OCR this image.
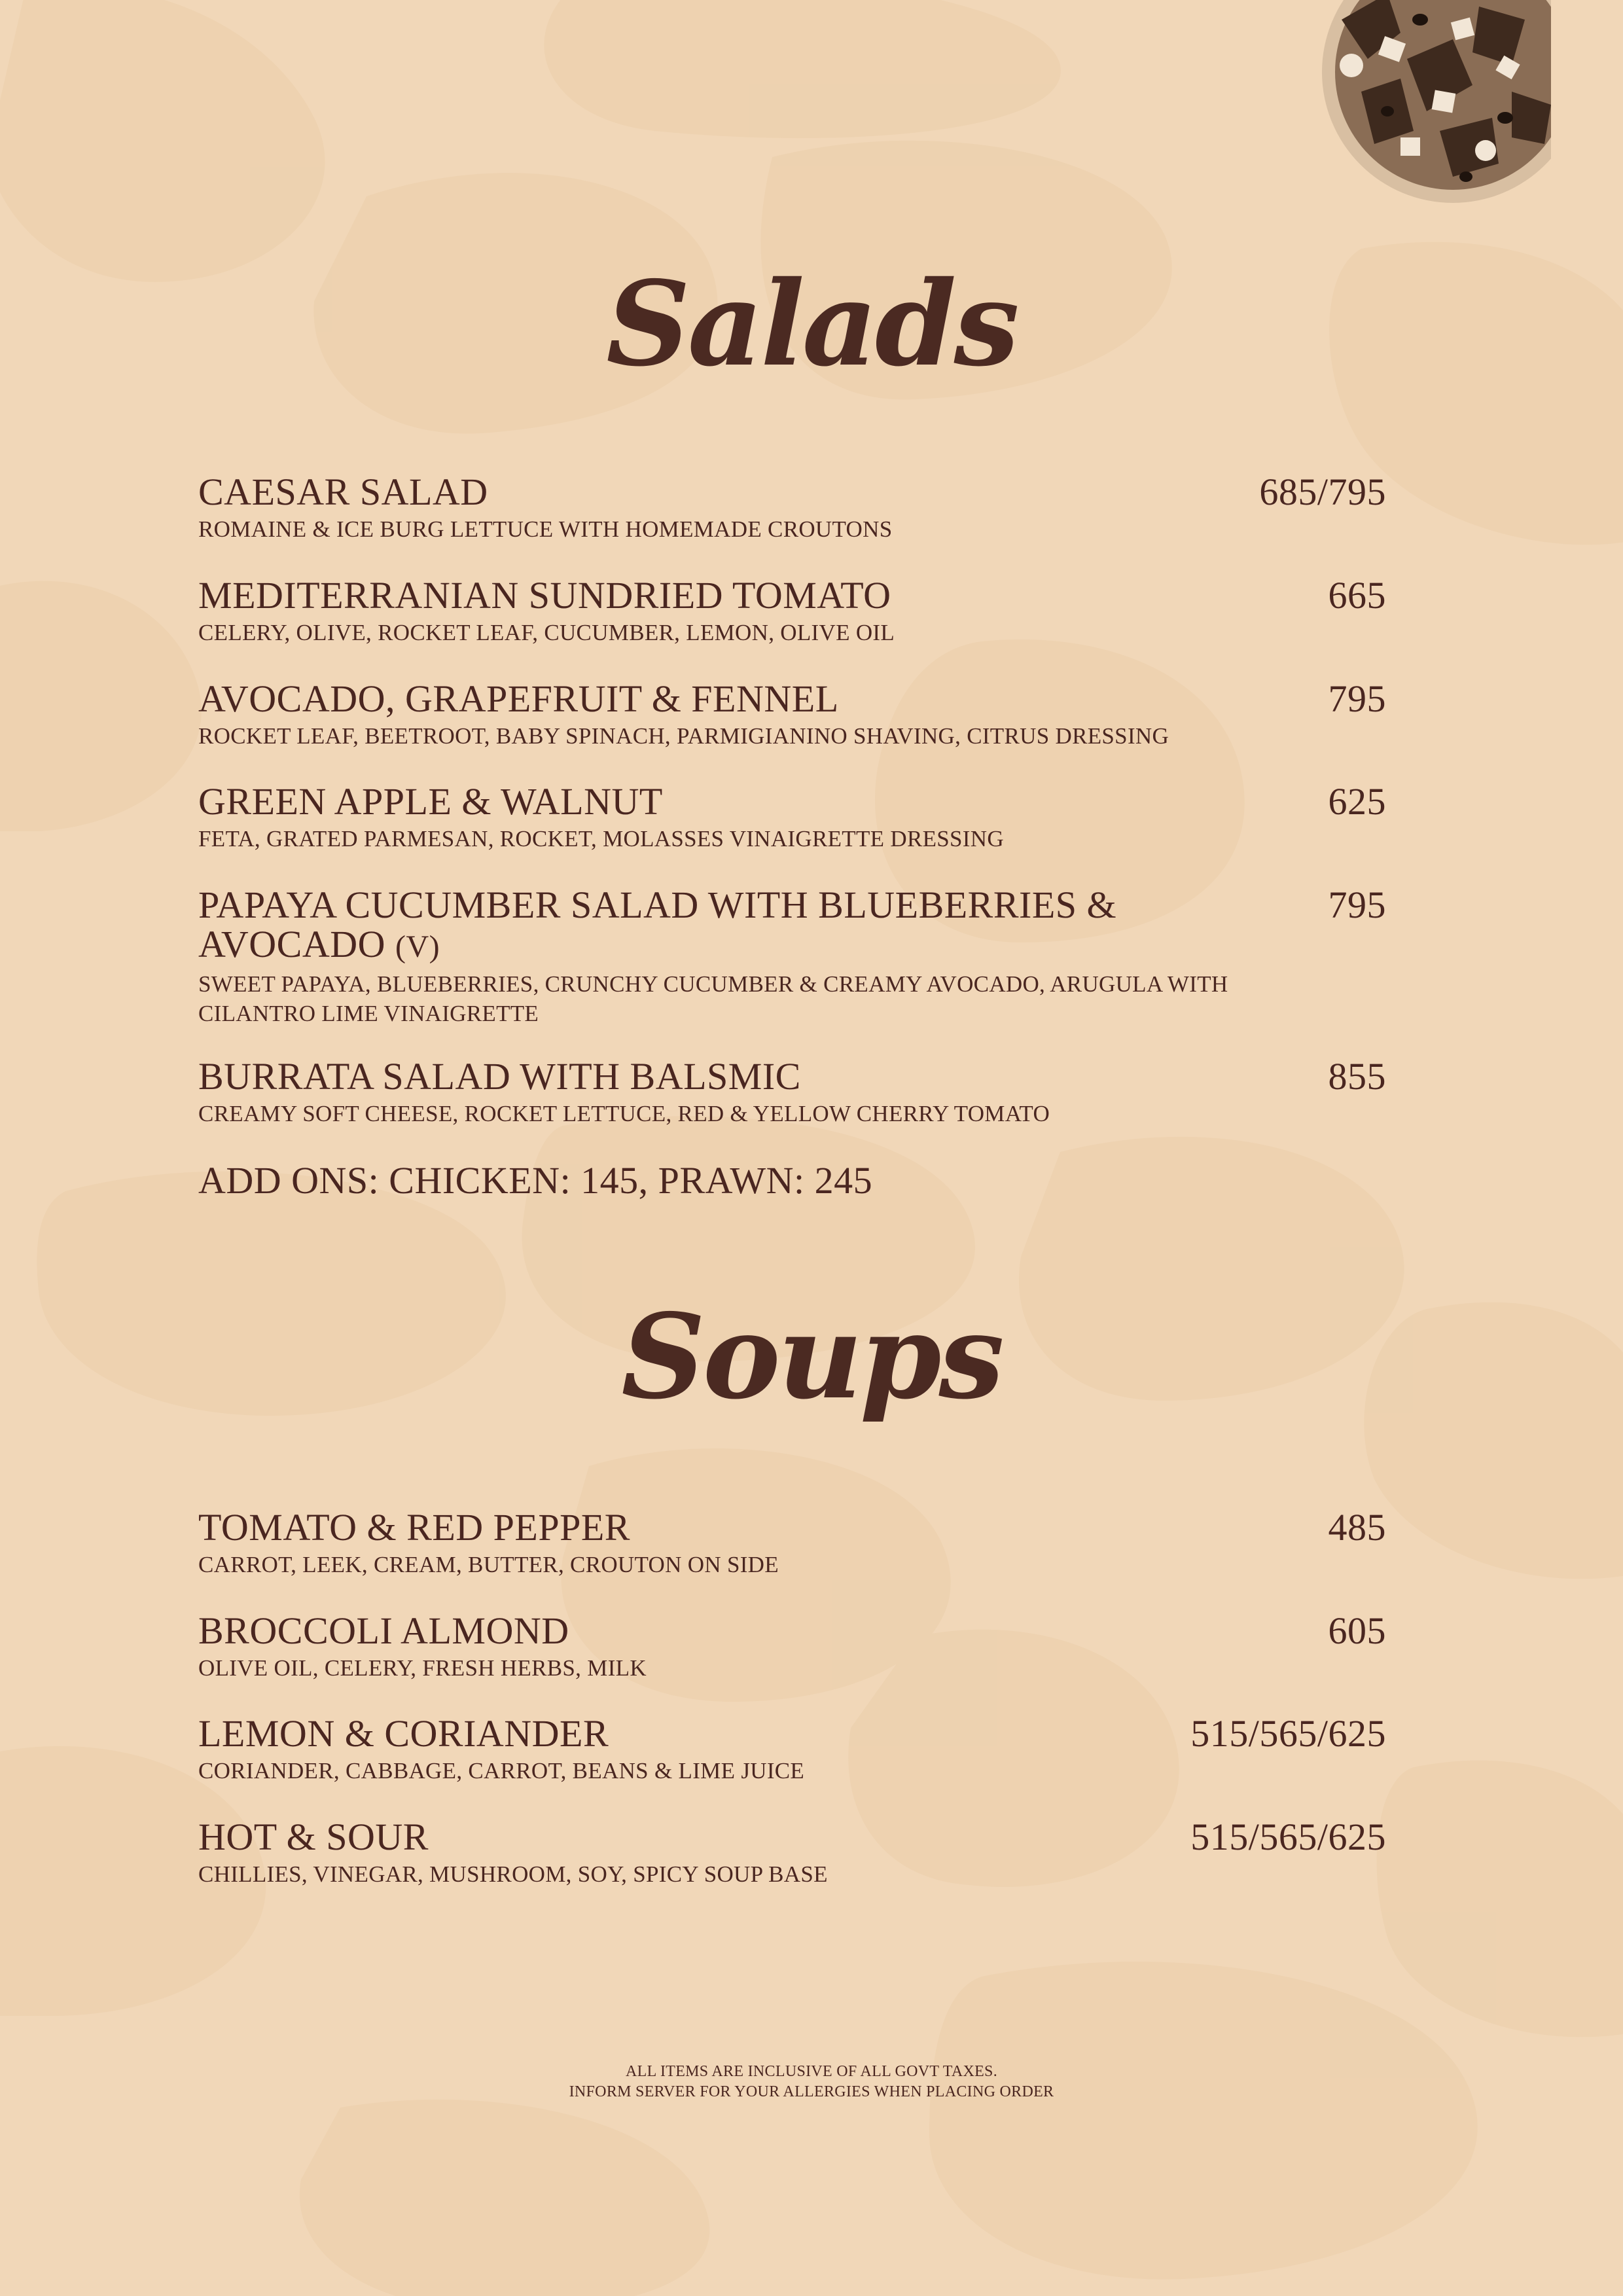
Salads
CAESAR SALAD
ROMAINE & ICE BURG LETTUCE WITH HOMEMADE CROUTONS
685/795
MEDITERRANIAN SUNDRIED TOMATO
CELERY, OLIVE, ROCKET LEAF, CUCUMBER, LEMON, OLIVE OIL
665
AVOCADO, GRAPEFRUIT & FENNEL
ROCKET LEAF, BEETROOT, BABY SPINACH, PARMIGIANINO SHAVING, CITRUS DRESSING
795
GREEN APPLE & WALNUT
FETA, GRATED PARMESAN, ROCKET, MOLASSES VINAIGRETTE DRESSING
625
PAPAYA CUCUMBER SALAD WITH BLUEBERRIES &
AVOCADO (V)
SWEET PAPAYA, BLUEBERRIES, CRUNCHY CUCUMBER & CREAMY AVOCADO, ARUGULA WITH
CILANTRO LIME VINAIGRETTE
795
BURRATA SALAD WITH BALSMIC
CREAMY SOFT CHEESE, ROCKET LETTUCE, RED & YELLOW CHERRY TOMATO
855
ADD ONS: CHICKEN: 145, PRAWN: 245
Soups
TOMATO & RED PEPPER
CARROT, LEEK, CREAM, BUTTER, CROUTON ON SIDE
485
BROCCOLI ALMOND
OLIVE OIL, CELERY, FRESH HERBS, MILK
605
LEMON & CORIANDER
CORIANDER, CABBAGE, CARROT, BEANS & LIME JUICE
515/565/625
HOT & SOUR
CHILLIES, VINEGAR, MUSHROOM, SOY, SPICY SOUP BASE
515/565/625
ALL ITEMS ARE INCLUSIVE OF ALL GOVT TAXES.
INFORM SERVER FOR YOUR ALLERGIES WHEN PLACING ORDER
